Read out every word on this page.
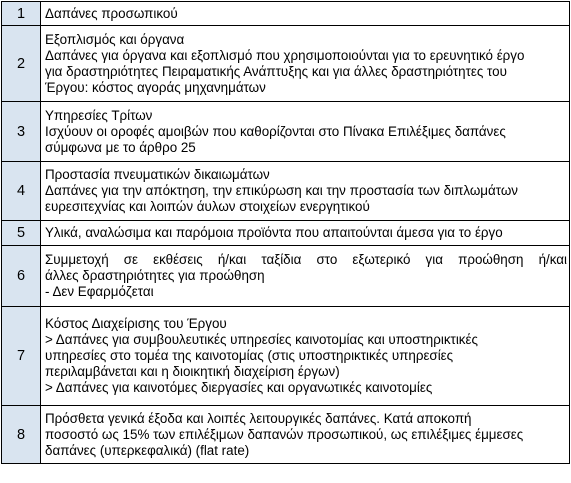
1	Δαπάνες προσωπικού

2	Εξοπλισμός και όργανα
Δαπάνες για όργανα και εξοπλισμό που χρησιμοποιούνται για το ερευνητικό έργο
για δραστηριότητες Πειραματικής Ανάπτυξης και για άλλες δραστηριότητες του
Έργου: κόστος αγοράς μηχανημάτων

3	Υπηρεσίες Τρίτων
Ισχύουν οι οροφές αμοιβών που καθορίζονται στο Πίνακα Επιλέξιμες δαπάνες
σύμφωνα με το άρθρο 25

4	Προστασία πνευματικών δικαιωμάτων
Δαπάνες για την απόκτηση, την επικύρωση και την προστασία των διπλωμάτων
ευρεσιτεχνίας και λοιπών άυλων στοιχείων ενεργητικού

5	Υλικά, αναλώσιμα και παρόμοια προϊόντα που απαιτούνται άμεσα για το έργο

6	Συμμετοχή σε εκθέσεις ή/και ταξίδια στο εξωτερικό για προώθηση ή/και
άλλες δραστηριότητες για προώθηση
- Δεν Εφαρμόζεται

7	Κόστος Διαχείρισης του Έργου
> Δαπάνες για συμβουλευτικές υπηρεσίες καινοτομίας και υποστηρικτικές
υπηρεσίες στο τομέα της καινοτομίας (στις υποστηρικτικές υπηρεσίες
περιλαμβάνεται και η διοικητική διαχείριση έργων)
> Δαπάνες για καινοτόμες διεργασίες και οργανωτικές καινοτομίες

8	Πρόσθετα γενικά έξοδα και λοιπές λειτουργικές δαπάνες. Κατά αποκοπή
ποσοστό ως 15% των επιλέξιμων δαπανών προσωπικού, ως επιλέξιμες έμμεσες
δαπάνες (υπερκεφαλικά) (flat rate)
